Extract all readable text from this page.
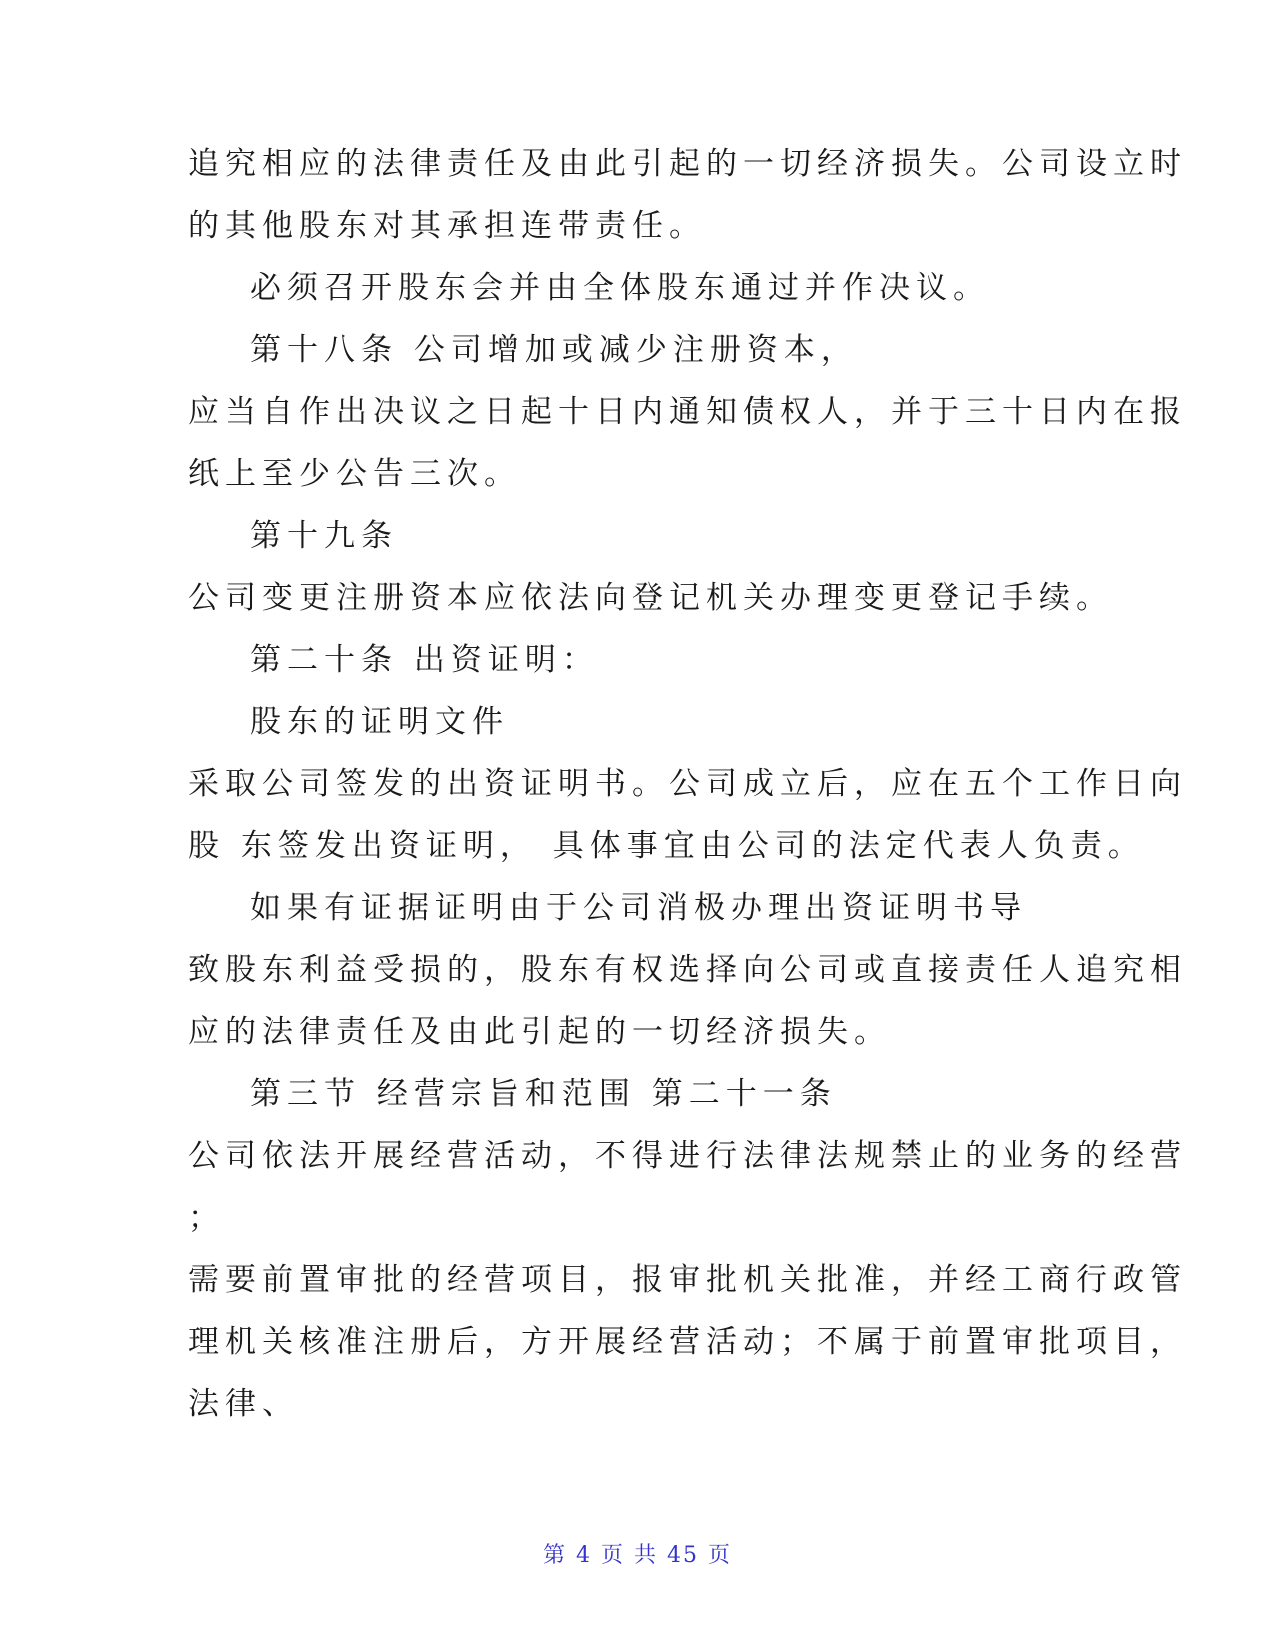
追究相应的法律责任及由此引起的一切经济损失。公司设立时
的其他股东对其承担连带责任。
必须召开股东会并由全体股东通过并作决议。
第十八条 公司增加或减少注册资本，
应当自作出决议之日起十日内通知债权人，并于三十日内在报
纸上至少公告三次。
第十九条
公司变更注册资本应依法向登记机关办理变更登记手续。
第二十条 出资证明：
股东的证明文件
采取公司签发的出资证明书。公司成立后，应在五个工作日向
股 东签发出资证明， 具体事宜由公司的法定代表人负责。
如果有证据证明由于公司消极办理出资证明书导
致股东利益受损的，股东有权选择向公司或直接责任人追究相
应的法律责任及由此引起的一切经济损失。
第三节 经营宗旨和范围 第二十一条
公司依法开展经营活动，不得进行法律法规禁止的业务的经营
；
需要前置审批的经营项目，报审批机关批准，并经工商行政管
理机关核准注册后，方开展经营活动；不属于前置审批项目，
法律、
第 4 页 共 45 页
